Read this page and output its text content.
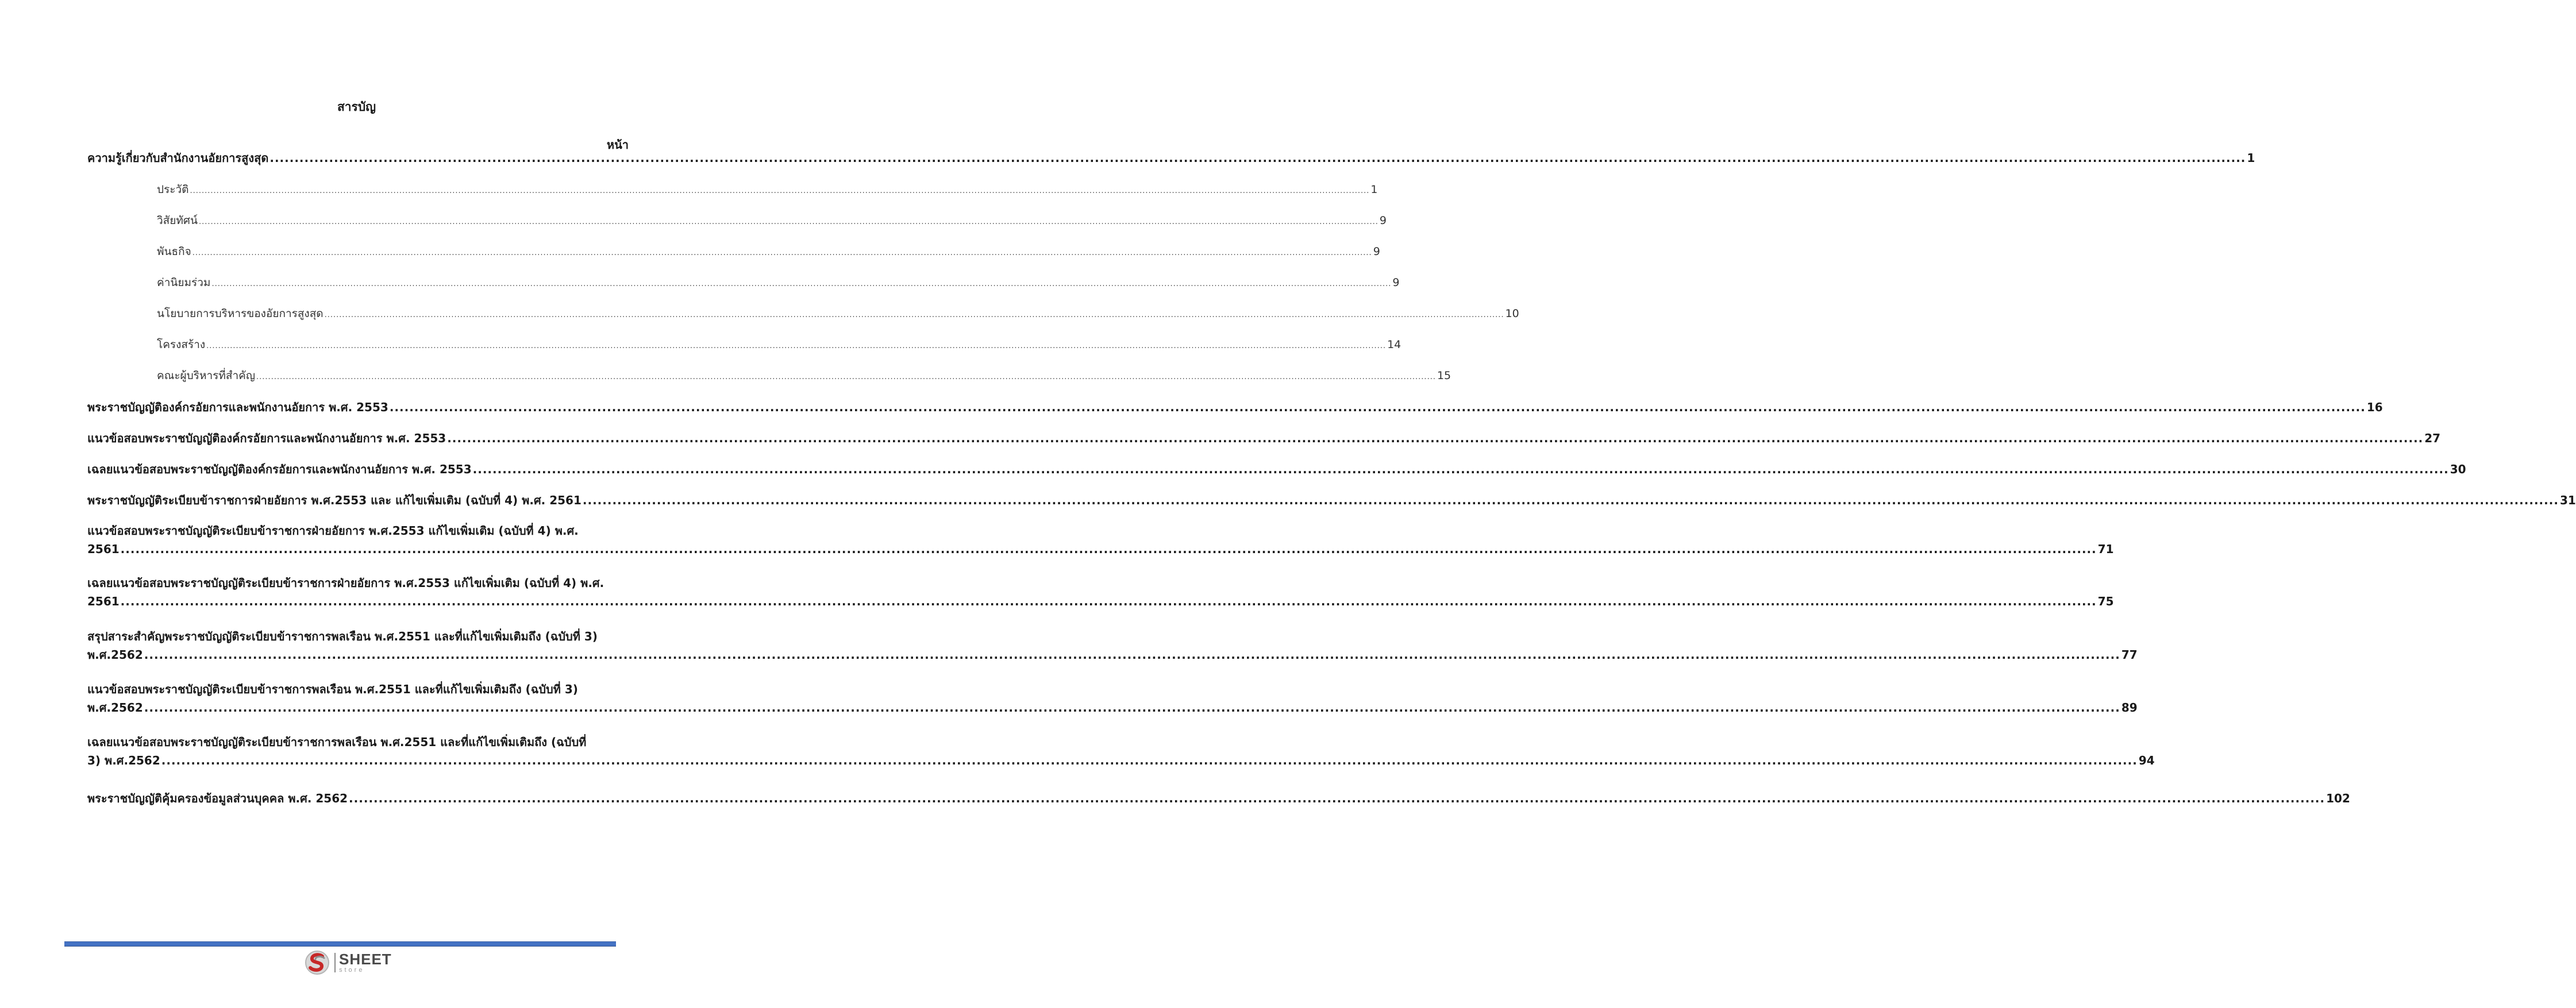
สารบัญ
หน้า
ความรู้เกี่ยวกับสำนักงานอัยการสูงสุด ................................................................................................................................................................................................................................................................................................................................................................................................................ 1
ประวัติ ................................................................................................................................................................................................................................................................................................................................................................................................................ 1
วิสัยทัศน์ ................................................................................................................................................................................................................................................................................................................................................................................................................ 9
พันธกิจ ................................................................................................................................................................................................................................................................................................................................................................................................................ 9
ค่านิยมร่วม ................................................................................................................................................................................................................................................................................................................................................................................................................ 9
นโยบายการบริหารของอัยการสูงสุด ................................................................................................................................................................................................................................................................................................................................................................................................................ 10
โครงสร้าง ................................................................................................................................................................................................................................................................................................................................................................................................................ 14
คณะผู้บริหารที่สำคัญ ................................................................................................................................................................................................................................................................................................................................................................................................................ 15
พระราชบัญญัติองค์กรอัยการและพนักงานอัยการ พ.ศ. 2553 ................................................................................................................................................................................................................................................................................................................................................................................................................ 16
แนวข้อสอบพระราชบัญญัติองค์กรอัยการและพนักงานอัยการ พ.ศ. 2553 ................................................................................................................................................................................................................................................................................................................................................................................................................ 27
เฉลยแนวข้อสอบพระราชบัญญัติองค์กรอัยการและพนักงานอัยการ พ.ศ. 2553 ................................................................................................................................................................................................................................................................................................................................................................................................................ 30
พระราชบัญญัติระเบียบข้าราชการฝ่ายอัยการ พ.ศ.2553 และ แก้ไขเพิ่มเติม (ฉบับที่ 4) พ.ศ. 2561 ................................................................................................................................................................................................................................................................................................................................................................................................................ 31
แนวข้อสอบพระราชบัญญัติระเบียบข้าราชการฝ่ายอัยการ พ.ศ.2553 แก้ไขเพิ่มเติม (ฉบับที่ 4) พ.ศ.
2561 ................................................................................................................................................................................................................................................................................................................................................................................................................ 71
เฉลยแนวข้อสอบพระราชบัญญัติระเบียบข้าราชการฝ่ายอัยการ พ.ศ.2553 แก้ไขเพิ่มเติม (ฉบับที่ 4) พ.ศ.
2561 ................................................................................................................................................................................................................................................................................................................................................................................................................ 75
สรุปสาระสำคัญพระราชบัญญัติระเบียบข้าราชการพลเรือน พ.ศ.2551 และที่แก้ไขเพิ่มเติมถึง (ฉบับที่ 3)
พ.ศ.2562 ................................................................................................................................................................................................................................................................................................................................................................................................................ 77
แนวข้อสอบพระราชบัญญัติระเบียบข้าราชการพลเรือน พ.ศ.2551 และที่แก้ไขเพิ่มเติมถึง (ฉบับที่ 3)
พ.ศ.2562 ................................................................................................................................................................................................................................................................................................................................................................................................................ 89
เฉลยแนวข้อสอบพระราชบัญญัติระเบียบข้าราชการพลเรือน พ.ศ.2551 และที่แก้ไขเพิ่มเติมถึง (ฉบับที่
3) พ.ศ.2562 ................................................................................................................................................................................................................................................................................................................................................................................................................ 94
พระราชบัญญัติคุ้มครองข้อมูลส่วนบุคคล พ.ศ. 2562 ................................................................................................................................................................................................................................................................................................................................................................................................................ 102
SHEET
store
